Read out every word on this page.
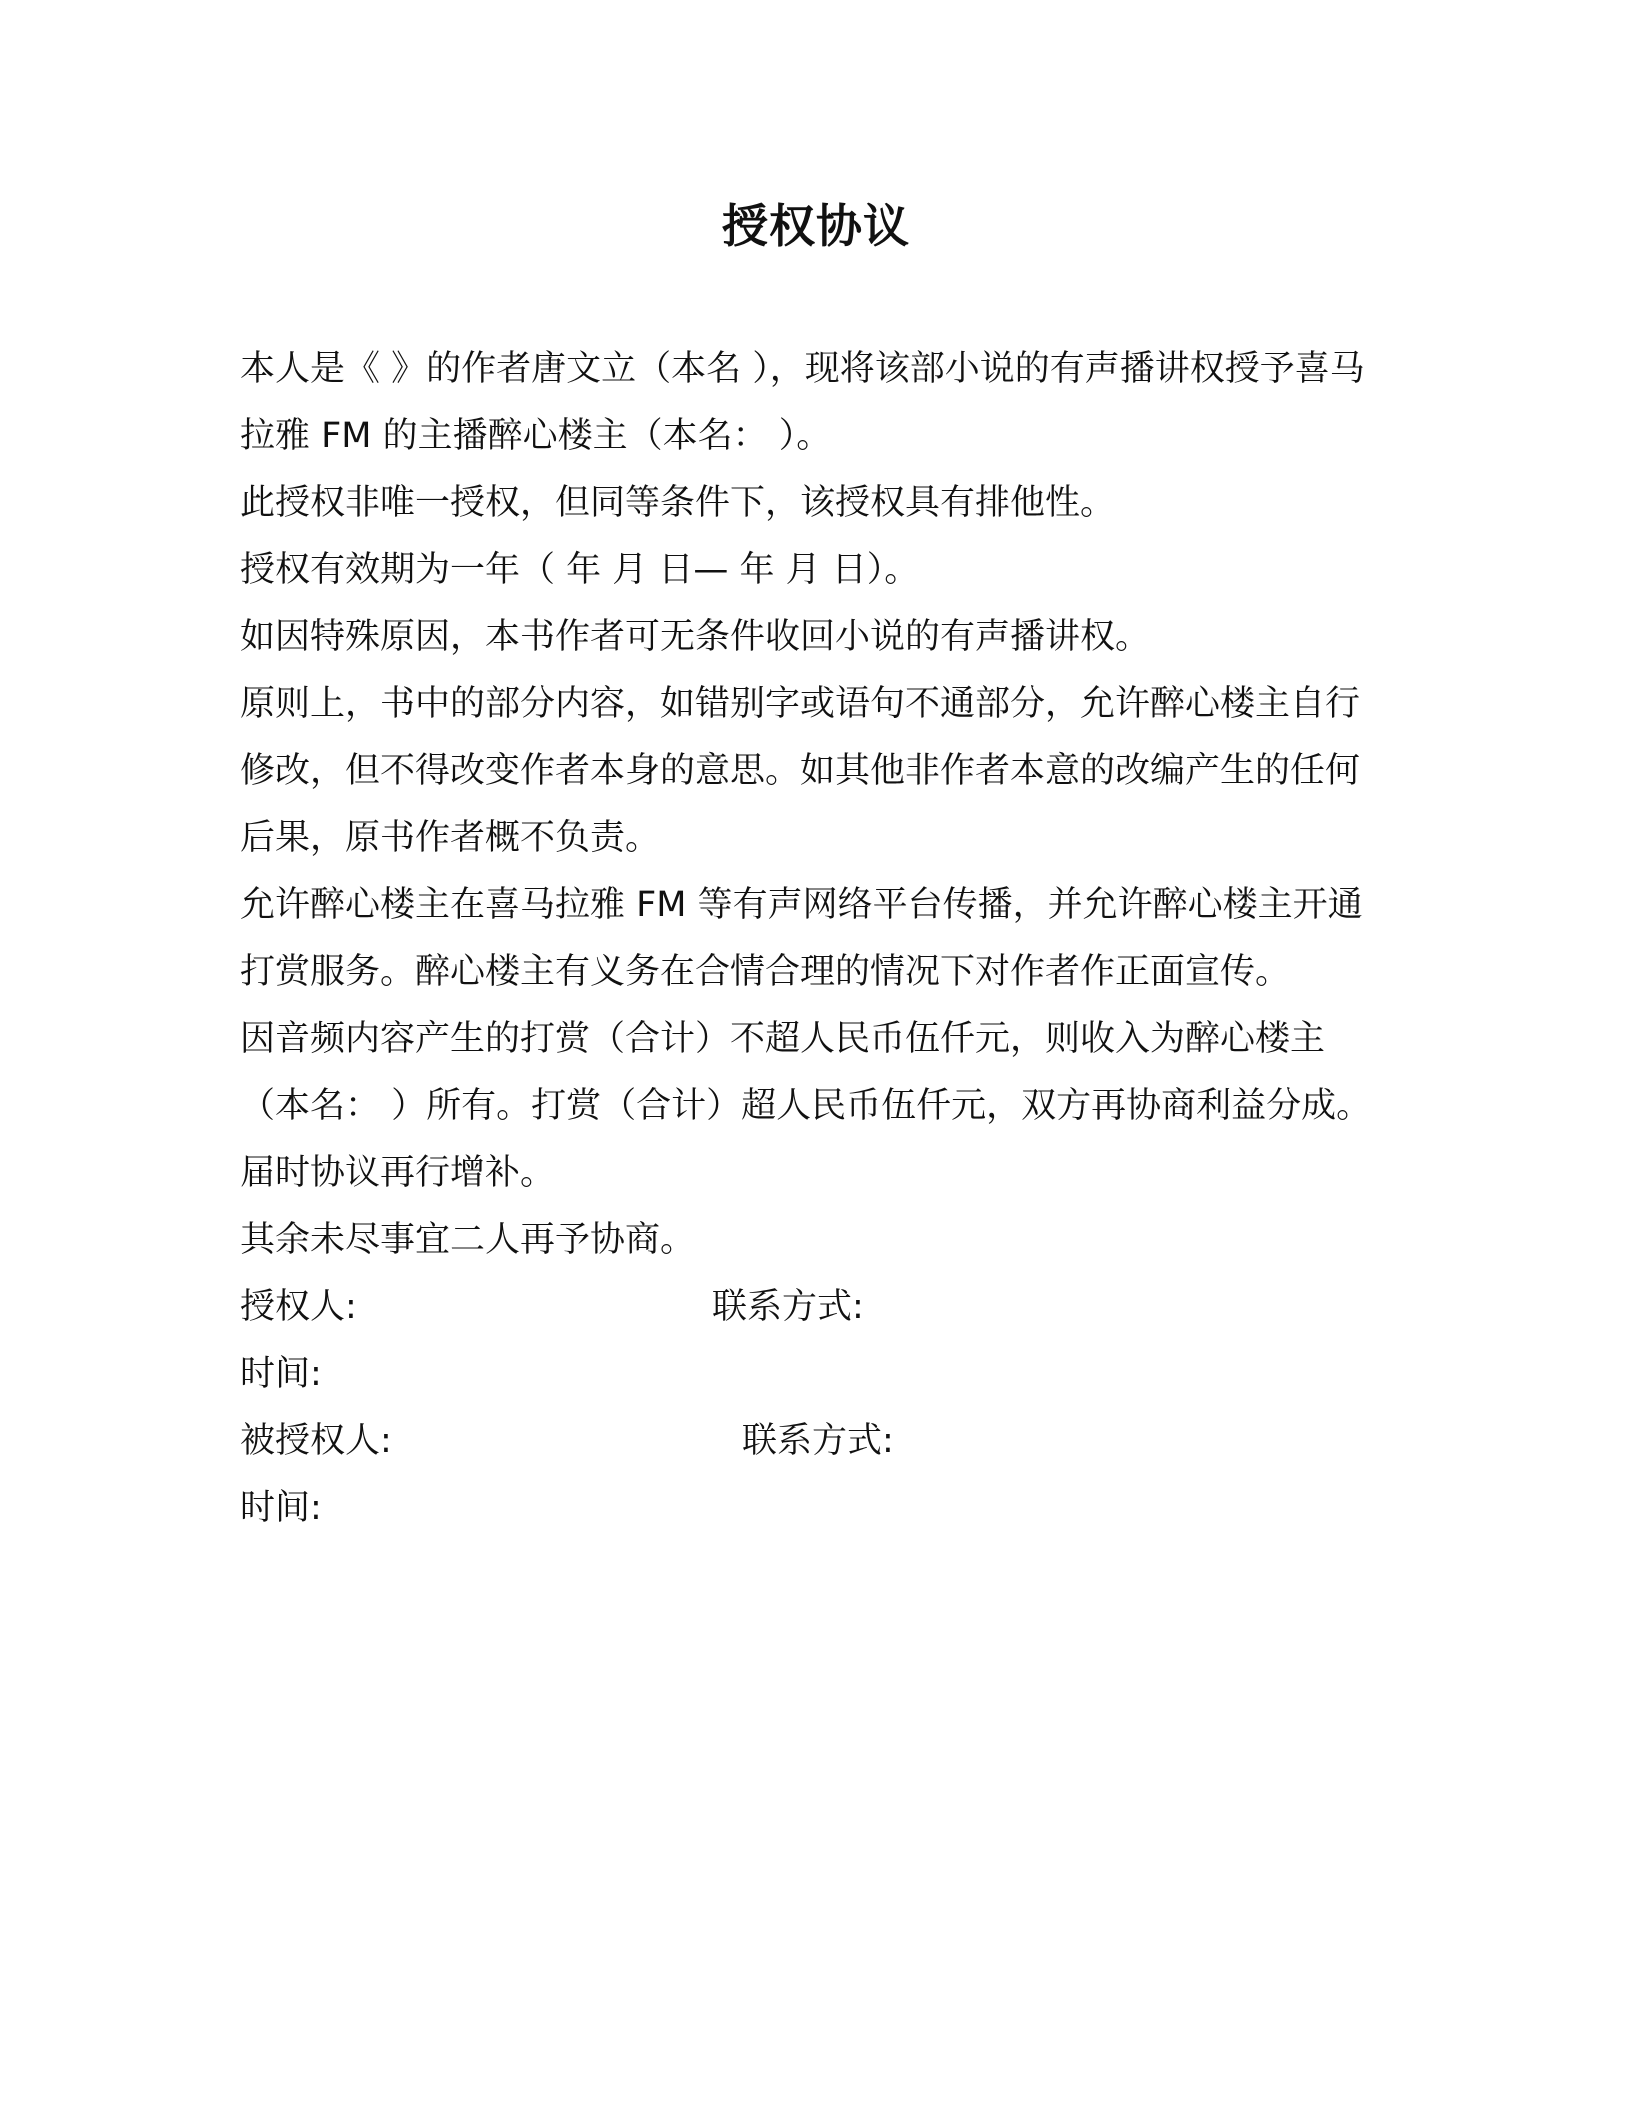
授权协议

本人是《 》的作者唐文立（本名 ），现将该部小说的有声播讲权授予喜马拉雅 FM 的主播醉心楼主（本名： ）。

此授权非唯一授权，但同等条件下，该授权具有排他性。

授权有效期为一年（ 年 月 日— 年 月 日）。

如因特殊原因，本书作者可无条件收回小说的有声播讲权。

原则上，书中的部分内容，如错别字或语句不通部分，允许醉心楼主自行修改，但不得改变作者本身的意思。如其他非作者本意的改编产生的任何后果，原书作者概不负责。

允许醉心楼主在喜马拉雅 FM 等有声网络平台传播，并允许醉心楼主开通打赏服务。醉心楼主有义务在合情合理的情况下对作者作正面宣传。

因音频内容产生的打赏（合计）不超人民币伍仟元，则收入为醉心楼主（本名： ）所有。打赏（合计）超人民币伍仟元，双方再协商利益分成。届时协议再行增补。

其余未尽事宜二人再予协商。

授权人:	联系方式:
时间:
被授权人:	联系方式:
时间:
